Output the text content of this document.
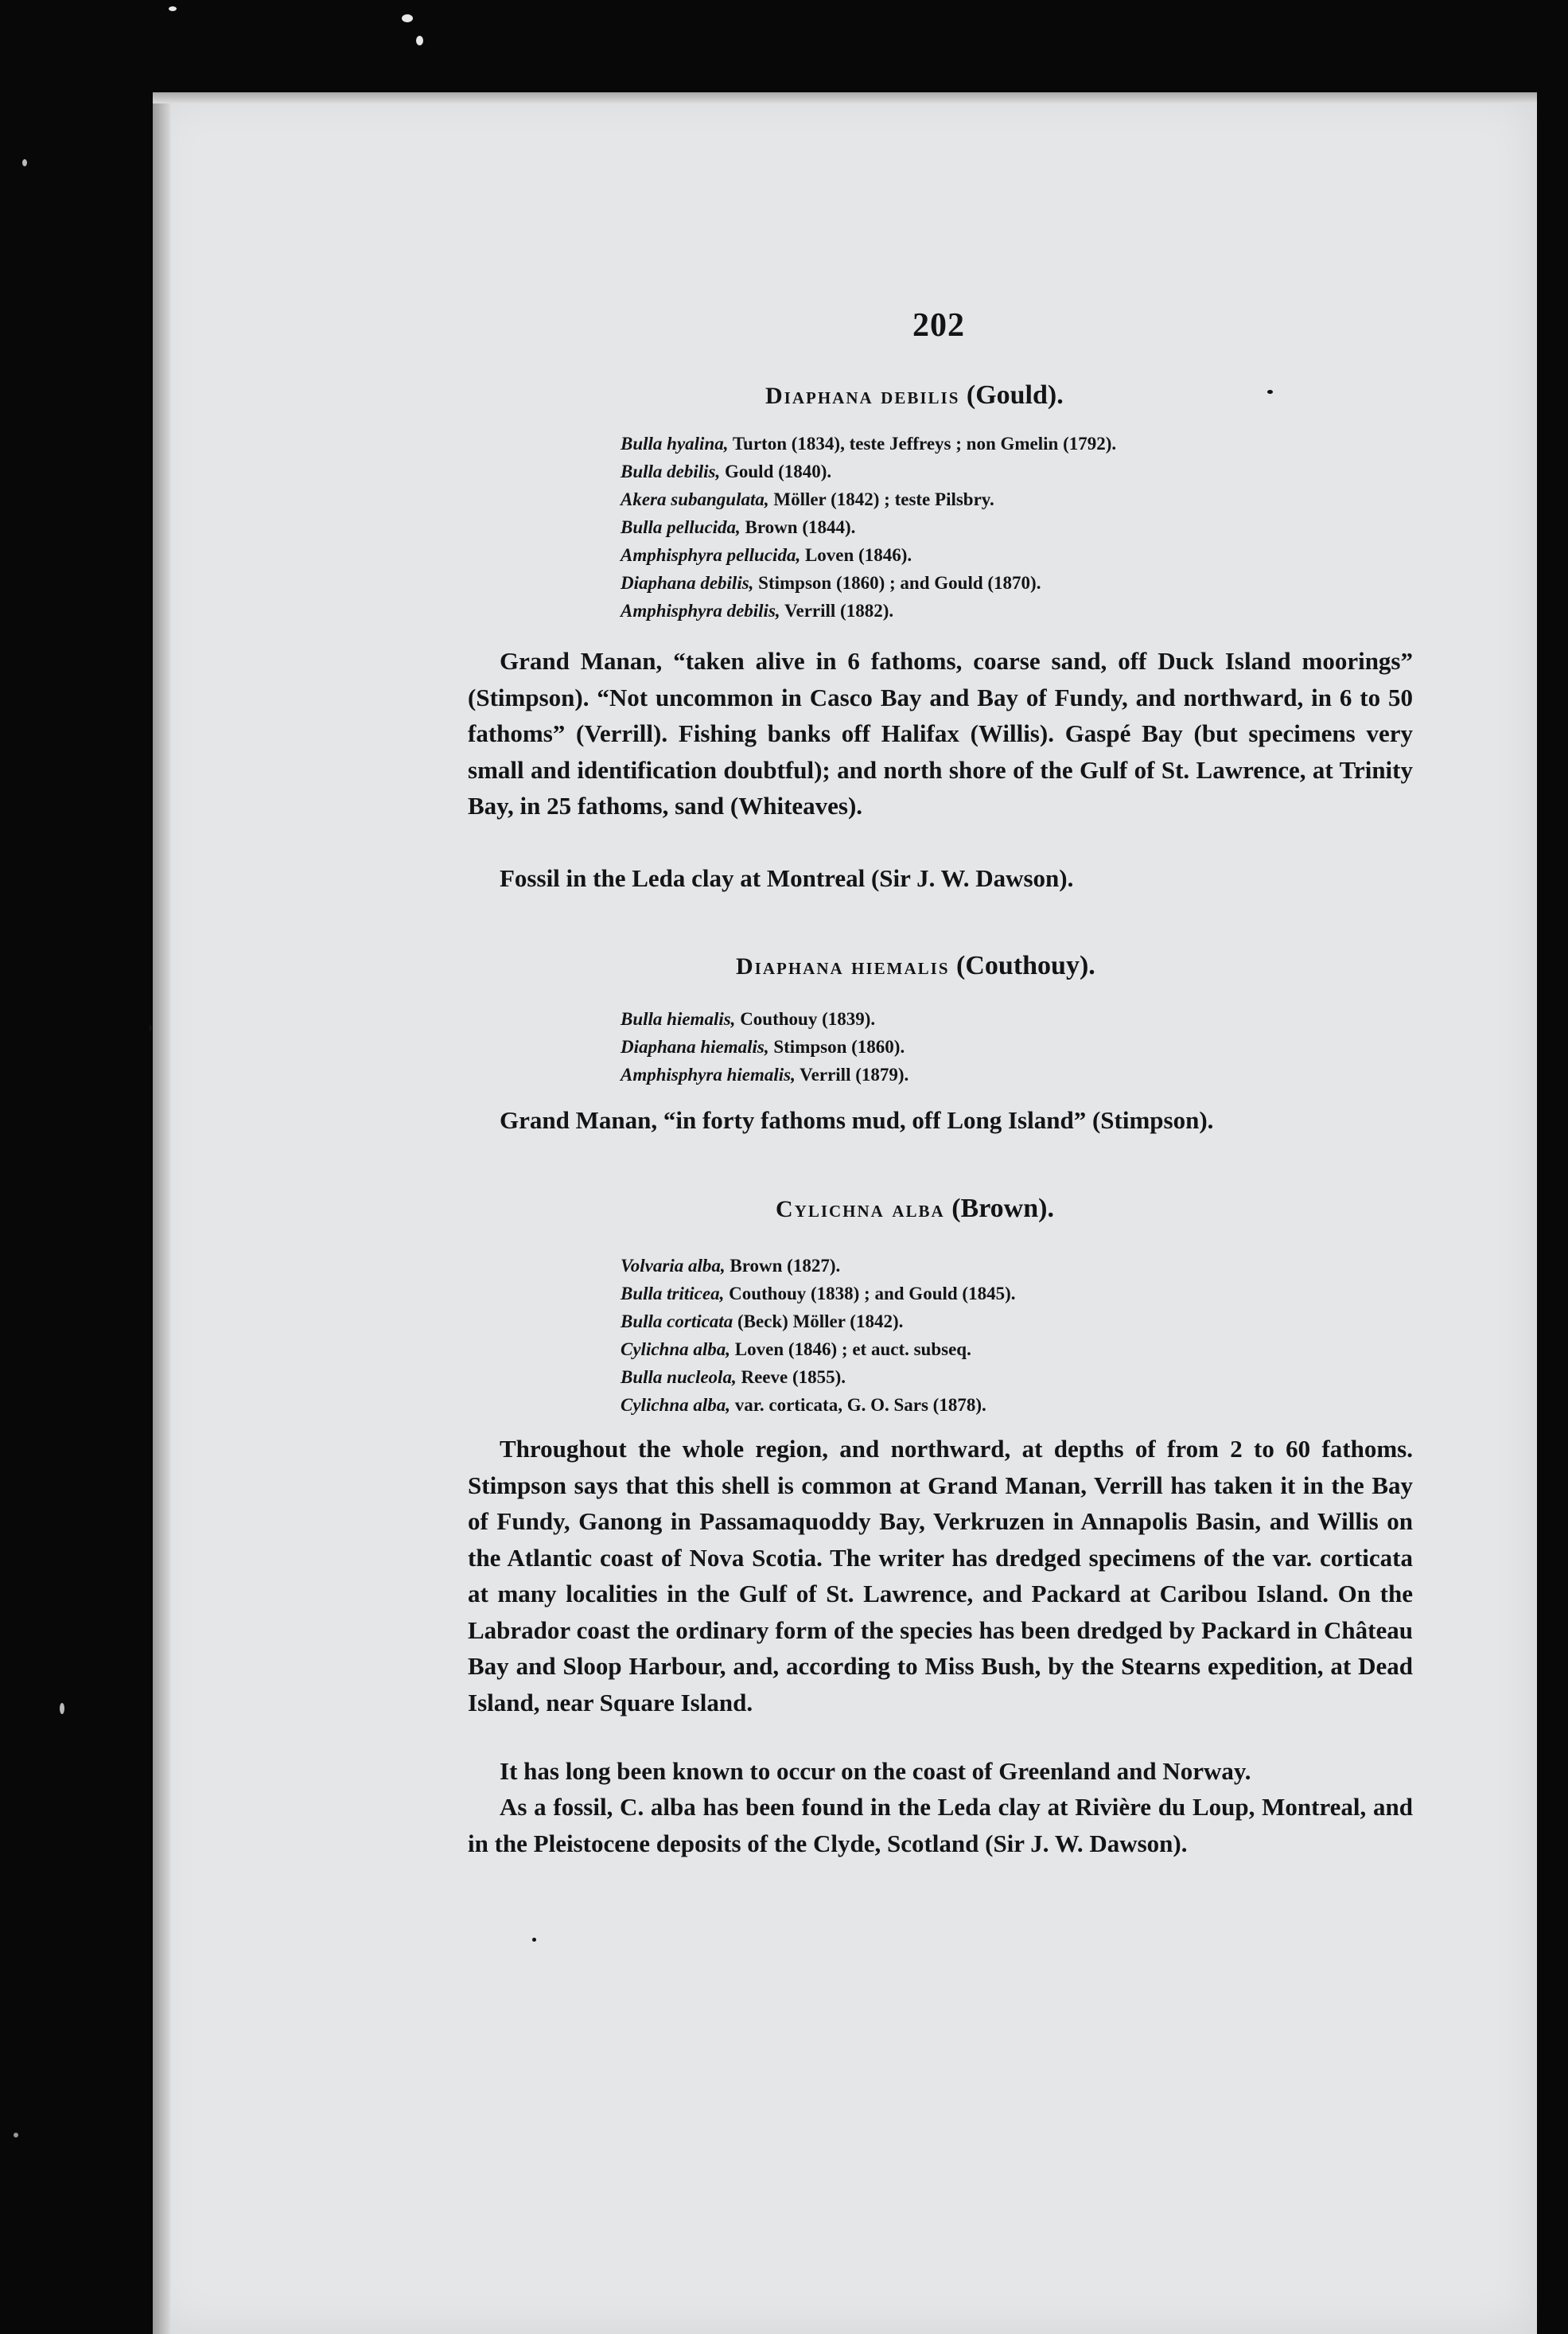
202
Diaphana debilis (Gould).
Bulla hyalina, Turton (1834), teste Jeffreys ; non Gmelin (1792).
Bulla debilis, Gould (1840).
Akera subangulata, Möller (1842) ; teste Pilsbry.
Bulla pellucida, Brown (1844).
Amphisphyra pellucida, Loven (1846).
Diaphana debilis, Stimpson (1860) ; and Gould (1870).
Amphisphyra debilis, Verrill (1882).
Grand Manan, “taken alive in 6 fathoms, coarse sand, off Duck Island moorings” (Stimpson). “Not uncommon in Casco Bay and Bay of Fundy, and northward, in 6 to 50 fathoms” (Verrill). Fishing banks off Halifax (Willis). Gaspé Bay (but specimens very small and identification doubtful); and north shore of the Gulf of St. Lawrence, at Trinity Bay, in 25 fathoms, sand (Whiteaves).
Fossil in the Leda clay at Montreal (Sir J. W. Dawson).
Diaphana hiemalis (Couthouy).
Bulla hiemalis, Couthouy (1839).
Diaphana hiemalis, Stimpson (1860).
Amphisphyra hiemalis, Verrill (1879).
Grand Manan, “in forty fathoms mud, off Long Island” (Stimpson).
Cylichna alba (Brown).
Volvaria alba, Brown (1827).
Bulla triticea, Couthouy (1838) ; and Gould (1845).
Bulla corticata (Beck) Möller (1842).
Cylichna alba, Loven (1846) ; et auct. subseq.
Bulla nucleola, Reeve (1855).
Cylichna alba, var. corticata, G. O. Sars (1878).
Throughout the whole region, and northward, at depths of from 2 to 60 fathoms. Stimpson says that this shell is common at Grand Manan, Verrill has taken it in the Bay of Fundy, Ganong in Passamaquoddy Bay, Verkruzen in Annapolis Basin, and Willis on the Atlantic coast of Nova Scotia. The writer has dredged specimens of the var. corticata at many localities in the Gulf of St. Lawrence, and Packard at Caribou Island. On the Labrador coast the ordinary form of the species has been dredged by Packard in Château Bay and Sloop Harbour, and, according to Miss Bush, by the Stearns expedition, at Dead Island, near Square Island.
It has long been known to occur on the coast of Greenland and Norway.
As a fossil, C. alba has been found in the Leda clay at Rivière du Loup, Montreal, and in the Pleistocene deposits of the Clyde, Scotland (Sir J. W. Dawson).
